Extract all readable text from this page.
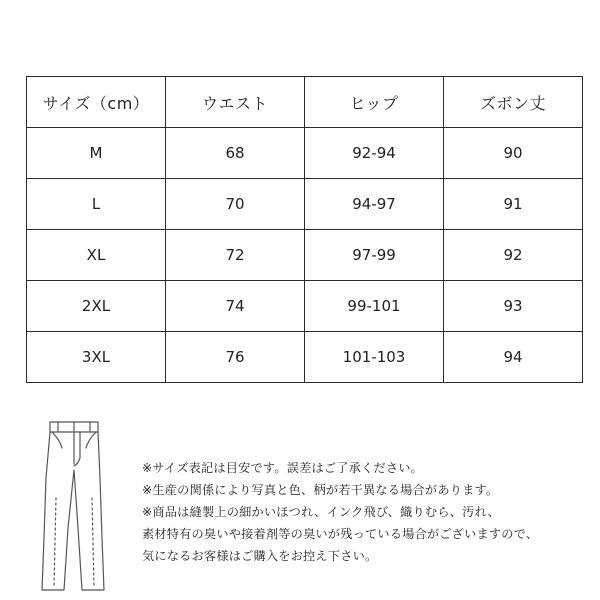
サイズ（cm）	ウエスト	ヒップ	ズボン丈
M	68	92-94	90
L	70	94-97	91
XL	72	97-99	92
2XL	74	99-101	93
3XL	76	101-103	94
※サイズ表記は目安です。誤差はご了承ください。
※生産の関係により写真と色、柄が若干異なる場合があります。
※商品は縫製上の細かいほつれ、インク飛び、織りむら、汚れ、
素材特有の臭いや接着剤等の臭いが残っている場合がございますので、
気になるお客様はご購入をお控え下さい。
